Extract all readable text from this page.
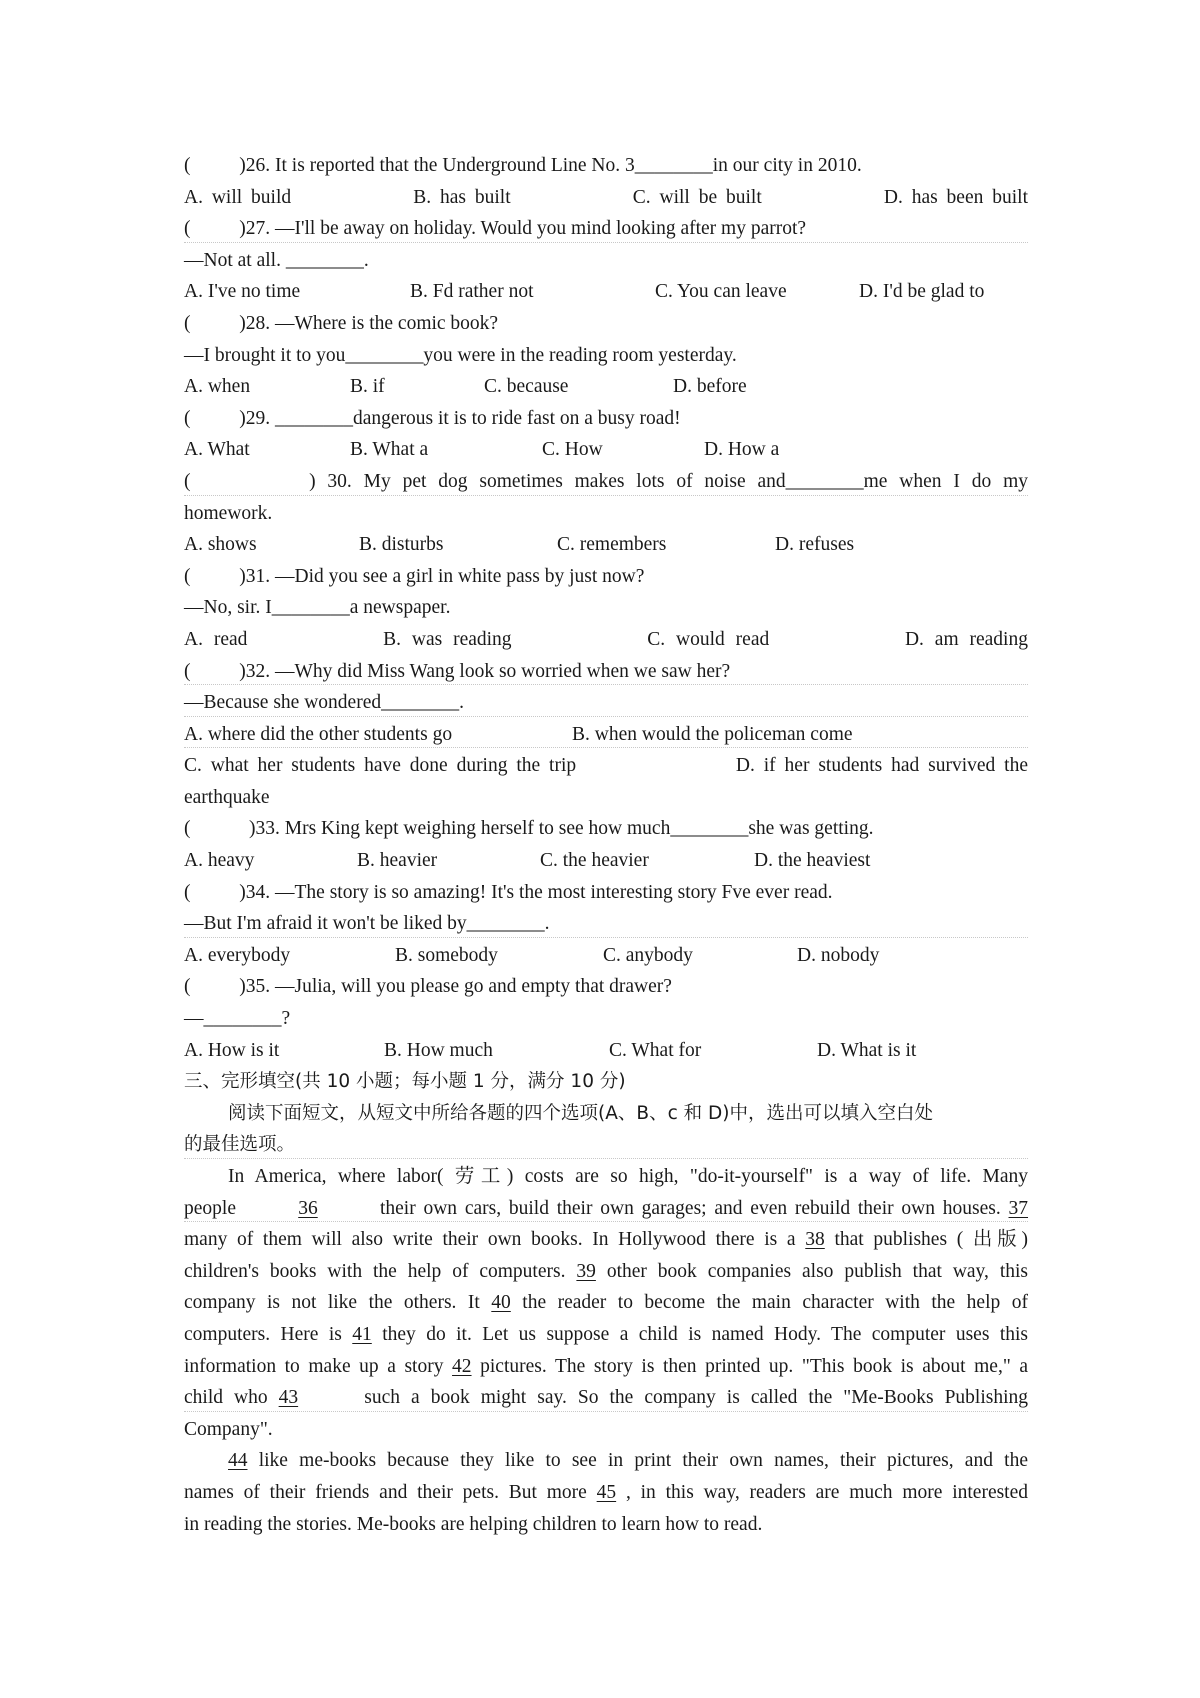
(          )26. It is reported that the Underground Line No. 3________in our city in 2010.
A. will build	B. has built	C. will be built	D. has been built
(          )27. —I'll be away on holiday. Would you mind looking after my parrot?
—Not at all. ________.
A. I've no time	B. Fd rather not	C. You can leave	D. I'd be glad to
(          )28. —Where is the comic book?
—I brought it to you________you were in the reading room yesterday.
A. when	B. if	C. because	D. before
(          )29. ________dangerous it is to ride fast on a busy road!
A. What	B. What a	C. How	D. How a
(          ) 30. My pet dog sometimes makes lots of noise and________me when I do my
homework.
A. shows	B. disturbs	C. remembers	D. refuses
(          )31. —Did you see a girl in white pass by just now?
—No, sir. I________a newspaper.
A. read	B. was reading	C. would read	D. am reading
(          )32. —Why did Miss Wang look so worried when we saw her?
—Because she wondered________.
A. where did the other students go	B. when would the policeman come
C. what her students have done during the trip	D. if her students had survived the
earthquake
(            )33. Mrs King kept weighing herself to see how much________she was getting.
A. heavy	B. heavier	C. the heavier	D. the heaviest
(          )34. —The story is so amazing! It's the most interesting story Fve ever read.
—But I'm afraid it won't be liked by________.
A. everybody	B. somebody	C. anybody	D. nobody
(          )35. —Julia, will you please go and empty that drawer?
—________?
A. How is it	B. How much	C. What for	D. What is it
三、完形填空(共 10 小题；每小题 1 分，满分 10 分)
阅读下面短文，从短文中所给各题的四个选项(A、B、c 和 D)中，选出可以填入空白处
的最佳选项。
In America, where labor( 劳工) costs are so high, "do-it-yourself" is a way of life. Many
people	36	their own cars, build their own garages; and even rebuild their own houses. 37
many of them will also write their own books. In Hollywood there is a 38 that publishes ( 出版)
children's books with the help of computers. 39 other book companies also publish that way, this
company is not like the others. It 40 the reader to become the main character with the help of
computers. Here is 41 they do it. Let us suppose a child is named Hody. The computer uses this
information to make up a story 42 pictures. The story is then printed up. "This book is about me," a
child who 43	such a book might say. So the company is called the "Me-Books Publishing
Company".
44 like me-books because they like to see in print their own names, their pictures, and the
names of their friends and their pets. But more 45 , in this way, readers are much more interested
in reading the stories. Me-books are helping children to learn how to read.
